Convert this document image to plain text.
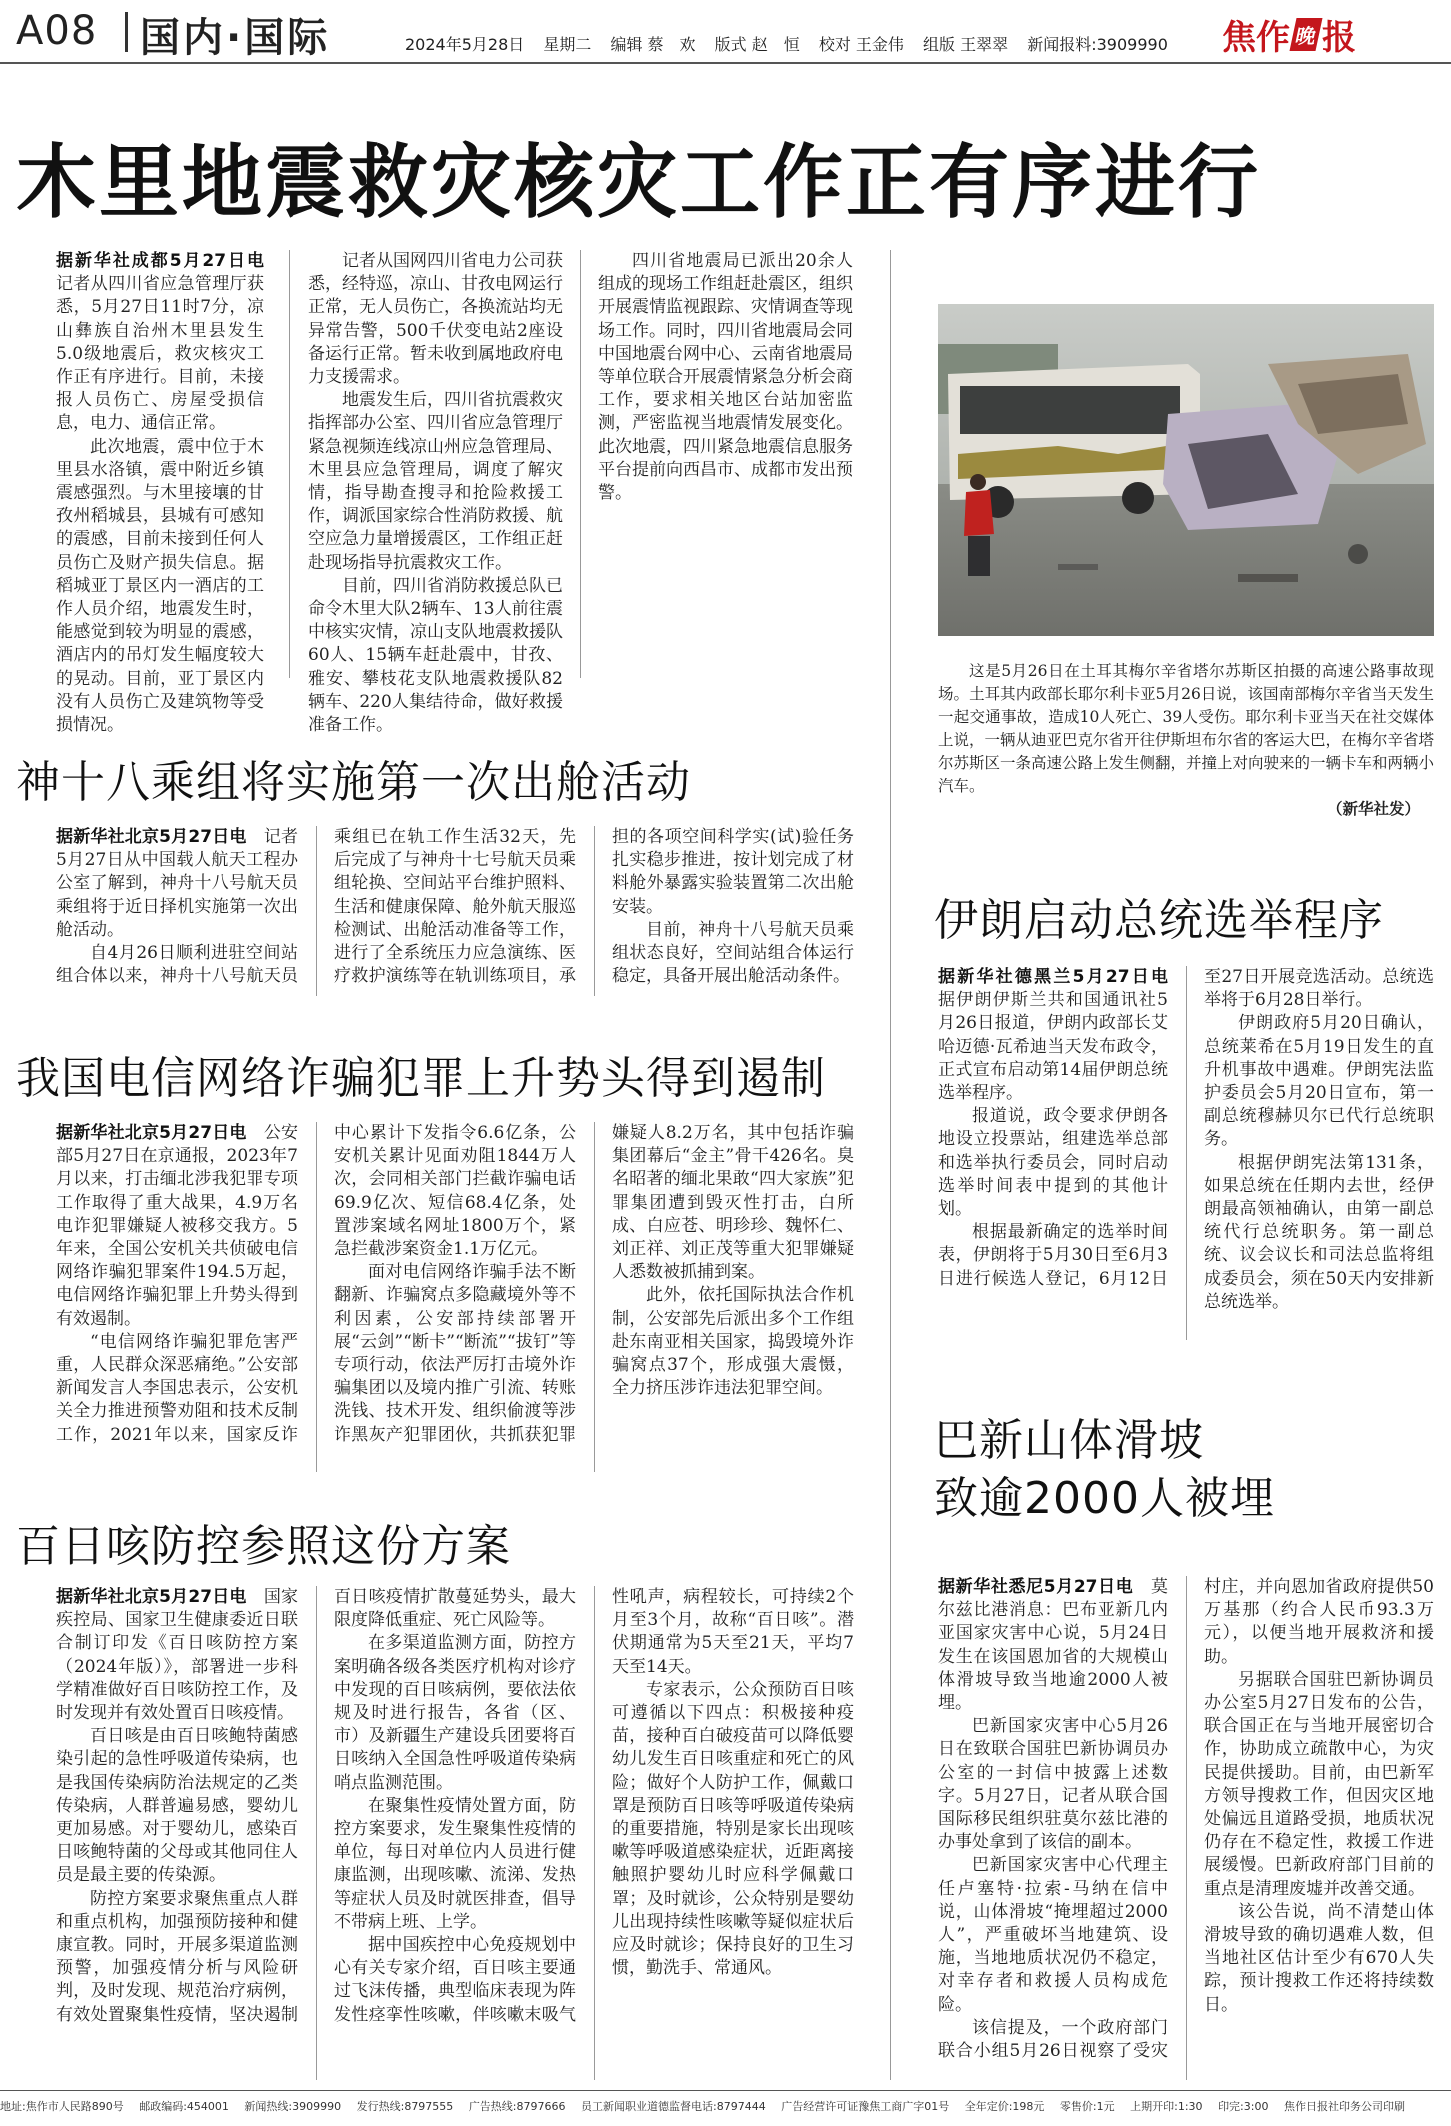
A08 国内·国际	2024年5月28日 星期二 编辑 蔡　欢 版式 赵　恒 校对 王金伟 组版 王翠翠 新闻报料:3909990	焦作 晚 报
木里地震救灾核灾工作正有序进行

据新华社成都5月27日电　记者从四川省应急管理厅获悉，5月27日11时7分，凉山彝族自治州木里县发生5.0级地震后，救灾核灾工作正有序进行。目前，未接报人员伤亡、房屋受损信息，电力、通信正常。

此次地震，震中位于木里县水洛镇，震中附近乡镇震感强烈。与木里接壤的甘孜州稻城县，县城有可感知的震感，目前未接到任何人员伤亡及财产损失信息。据稻城亚丁景区内一酒店的工作人员介绍，地震发生时，能感觉到较为明显的震感，酒店内的吊灯发生幅度较大的晃动。目前，亚丁景区内没有人员伤亡及建筑物等受损情况。

记者从国网四川省电力公司获悉，经特巡，凉山、甘孜电网运行正常，无人员伤亡，各换流站均无异常告警，500千伏变电站2座设备运行正常。暂未收到属地政府电力支援需求。

地震发生后，四川省抗震救灾指挥部办公室、四川省应急管理厅紧急视频连线凉山州应急管理局、木里县应急管理局，调度了解灾情，指导勘查搜寻和抢险救援工作，调派国家综合性消防救援、航空应急力量增援震区，工作组正赶赴现场指导抗震救灾工作。

目前，四川省消防救援总队已命令木里大队2辆车、13人前往震中核实灾情，凉山支队地震救援队60人、15辆车赶赴震中，甘孜、雅安、攀枝花支队地震救援队82辆车、220人集结待命，做好救援准备工作。

四川省地震局已派出20余人组成的现场工作组赶赴震区，组织开展震情监视跟踪、灾情调查等现场工作。同时，四川省地震局会同中国地震台网中心、云南省地震局等单位联合开展震情紧急分析会商工作，要求相关地区台站加密监测，严密监视当地震情发展变化。此次地震，四川紧急地震信息服务平台提前向西昌市、成都市发出预警。

神十八乘组将实施第一次出舱活动

据新华社北京5月27日电　 记者5月27日从中国载人航天工程办公室了解到，神舟十八号航天员乘组将于近日择机实施第一次出舱活动。

自4月26日顺利进驻空间站组合体以来，神舟十八号航天员乘组已在轨工作生活32天，先后完成了与神舟十七号航天员乘组轮换、空间站平台维护照料、生活和健康保障、舱外航天服巡检测试、出舱活动准备等工作，进行了全系统压力应急演练、医疗救护演练等在轨训练项目，承担的各项空间科学实(试)验任务扎实稳步推进，按计划完成了材料舱外暴露实验装置第二次出舱安装。

目前，神舟十八号航天员乘组状态良好，空间站组合体运行稳定，具备开展出舱活动条件。

我国电信网络诈骗犯罪上升势头得到遏制

据新华社北京5月27日电　 公安部5月27日在京通报，2023年7月以来，打击缅北涉我犯罪专项工作取得了重大战果，4.9万名电诈犯罪嫌疑人被移交我方。5年来，全国公安机关共侦破电信网络诈骗犯罪案件194.5万起，电信网络诈骗犯罪上升势头得到有效遏制。

“电信网络诈骗犯罪危害严重，人民群众深恶痛绝。”公安部新闻发言人李国忠表示，公安机关全力推进预警劝阻和技术反制工作，2021年以来，国家反诈中心累计下发指令6.6亿条，公安机关累计见面劝阻1844万人次，会同相关部门拦截诈骗电话69.9亿次、短信68.4亿条，处置涉案域名网址1800万个，紧急拦截涉案资金1.1万亿元。

面对电信网络诈骗手法不断翻新、诈骗窝点多隐藏境外等不利因素，公安部持续部署开展“云剑”“断卡”“断流”“拔钉”等专项行动，依法严厉打击境外诈骗集团以及境内推广引流、转账洗钱、技术开发、组织偷渡等涉诈黑灰产犯罪团伙，共抓获犯罪嫌疑人8.2万名，其中包括诈骗集团幕后“金主”骨干426名。臭名昭著的缅北果敢“四大家族”犯罪集团遭到毁灭性打击，白所成、白应苍、明珍珍、魏怀仁、刘正祥、刘正茂等重大犯罪嫌疑人悉数被抓捕到案。

此外，依托国际执法合作机制，公安部先后派出多个工作组赴东南亚相关国家，捣毁境外诈骗窝点37个，形成强大震慑，全力挤压涉诈违法犯罪空间。

百日咳防控参照这份方案

据新华社北京5月27日电　 国家疾控局、国家卫生健康委近日联合制订印发《百日咳防控方案（2024年版）》，部署进一步科学精准做好百日咳防控工作，及时发现并有效处置百日咳疫情。

百日咳是由百日咳鲍特菌感染引起的急性呼吸道传染病，也是我国传染病防治法规定的乙类传染病，人群普遍易感，婴幼儿更加易感。对于婴幼儿，感染百日咳鲍特菌的父母或其他同住人员是最主要的传染源。

防控方案要求聚焦重点人群和重点机构，加强预防接种和健康宣教。同时，开展多渠道监测预警，加强疫情分析与风险研判，及时发现、规范治疗病例，有效处置聚集性疫情，坚决遏制百日咳疫情扩散蔓延势头，最大限度降低重症、死亡风险等。

在多渠道监测方面，防控方案明确各级各类医疗机构对诊疗中发现的百日咳病例，要依法依规及时进行报告，各省（区、市）及新疆生产建设兵团要将百日咳纳入全国急性呼吸道传染病哨点监测范围。

在聚集性疫情处置方面，防控方案要求，发生聚集性疫情的单位，每日对单位内人员进行健康监测，出现咳嗽、流涕、发热等症状人员及时就医排查，倡导不带病上班、上学。

据中国疾控中心免疫规划中心有关专家介绍，百日咳主要通过飞沫传播，典型临床表现为阵发性痉挛性咳嗽，伴咳嗽末吸气性吼声，病程较长，可持续2个月至3个月，故称“百日咳”。潜伏期通常为5天至21天，平均7天至14天。

专家表示，公众预防百日咳可遵循以下四点：积极接种疫苗，接种百白破疫苗可以降低婴幼儿发生百日咳重症和死亡的风险；做好个人防护工作，佩戴口罩是预防百日咳等呼吸道传染病的重要措施，特别是家长出现咳嗽等呼吸道感染症状，近距离接触照护婴幼儿时应科学佩戴口罩；及时就诊，公众特别是婴幼儿出现持续性咳嗽等疑似症状后应及时就诊；保持良好的卫生习惯，勤洗手、常通风。

这是5月26日在土耳其梅尔辛省塔尔苏斯区拍摄的高速公路事故现场。土耳其内政部长耶尔利卡亚5月26日说，该国南部梅尔辛省当天发生一起交通事故，造成10人死亡、39人受伤。耶尔利卡亚当天在社交媒体上说，一辆从迪亚巴克尔省开往伊斯坦布尔省的客运大巴，在梅尔辛省塔尔苏斯区一条高速公路上发生侧翻，并撞上对向驶来的一辆卡车和两辆小汽车。

（新华社发）
伊朗启动总统选举程序

据新华社德黑兰5月27日电　据伊朗伊斯兰共和国通讯社5月26日报道，伊朗内政部长艾哈迈德·瓦希迪当天发布政令，正式宣布启动第14届伊朗总统选举程序。

报道说，政令要求伊朗各地设立投票站，组建选举总部和选举执行委员会，同时启动选举时间表中提到的其他计划。

根据最新确定的选举时间表，伊朗将于5月30日至6月3日进行候选人登记，6月12日至27日开展竞选活动。总统选举将于6月28日举行。

伊朗政府5月20日确认，总统莱希在5月19日发生的直升机事故中遇难。伊朗宪法监护委员会5月20日宣布，第一副总统穆赫贝尔已代行总统职务。

根据伊朗宪法第131条，如果总统在任期内去世，经伊朗最高领袖确认，由第一副总统代行总统职务。第一副总统、议会议长和司法总监将组成委员会，须在50天内安排新总统选举。

巴新山体滑坡
致逾2000人被埋

据新华社悉尼5月27日电　 莫尔兹比港消息：巴布亚新几内亚国家灾害中心说，5月24日发生在该国恩加省的大规模山体滑坡导致当地逾2000人被埋。

巴新国家灾害中心5月26日在致联合国驻巴新协调员办公室的一封信中披露上述数字。5月27日，记者从联合国国际移民组织驻莫尔兹比港的办事处拿到了该信的副本。

巴新国家灾害中心代理主任卢塞特·拉索-马纳在信中说，山体滑坡“掩埋超过2000人”，严重破坏当地建筑、设施，当地地质状况仍不稳定，对幸存者和救援人员构成危险。

该信提及，一个政府部门联合小组5月26日视察了受灾村庄，并向恩加省政府提供50万基那（约合人民币93.3万元），以便当地开展救济和援助。

另据联合国驻巴新协调员办公室5月27日发布的公告，联合国正在与当地开展密切合作，协助成立疏散中心，为灾民提供援助。目前，由巴新军方领导搜救工作，但因灾区地处偏远且道路受损，地质状况仍存在不稳定性，救援工作进展缓慢。巴新政府部门目前的重点是清理废墟并改善交通。

该公告说，尚不清楚山体滑坡导致的确切遇难人数，但当地社区估计至少有670人失踪，预计搜救工作还将持续数日。

地址:焦作市人民路890号 邮政编码:454001 新闻热线:3909990 发行热线:8797555 广告热线:8797666 员工新闻职业道德监督电话:8797444 广告经营许可证豫焦工商广字01号 全年定价:198元 零售价:1元 上期开印:1:30 印完:3:00 焦作日报社印务公司印刷
